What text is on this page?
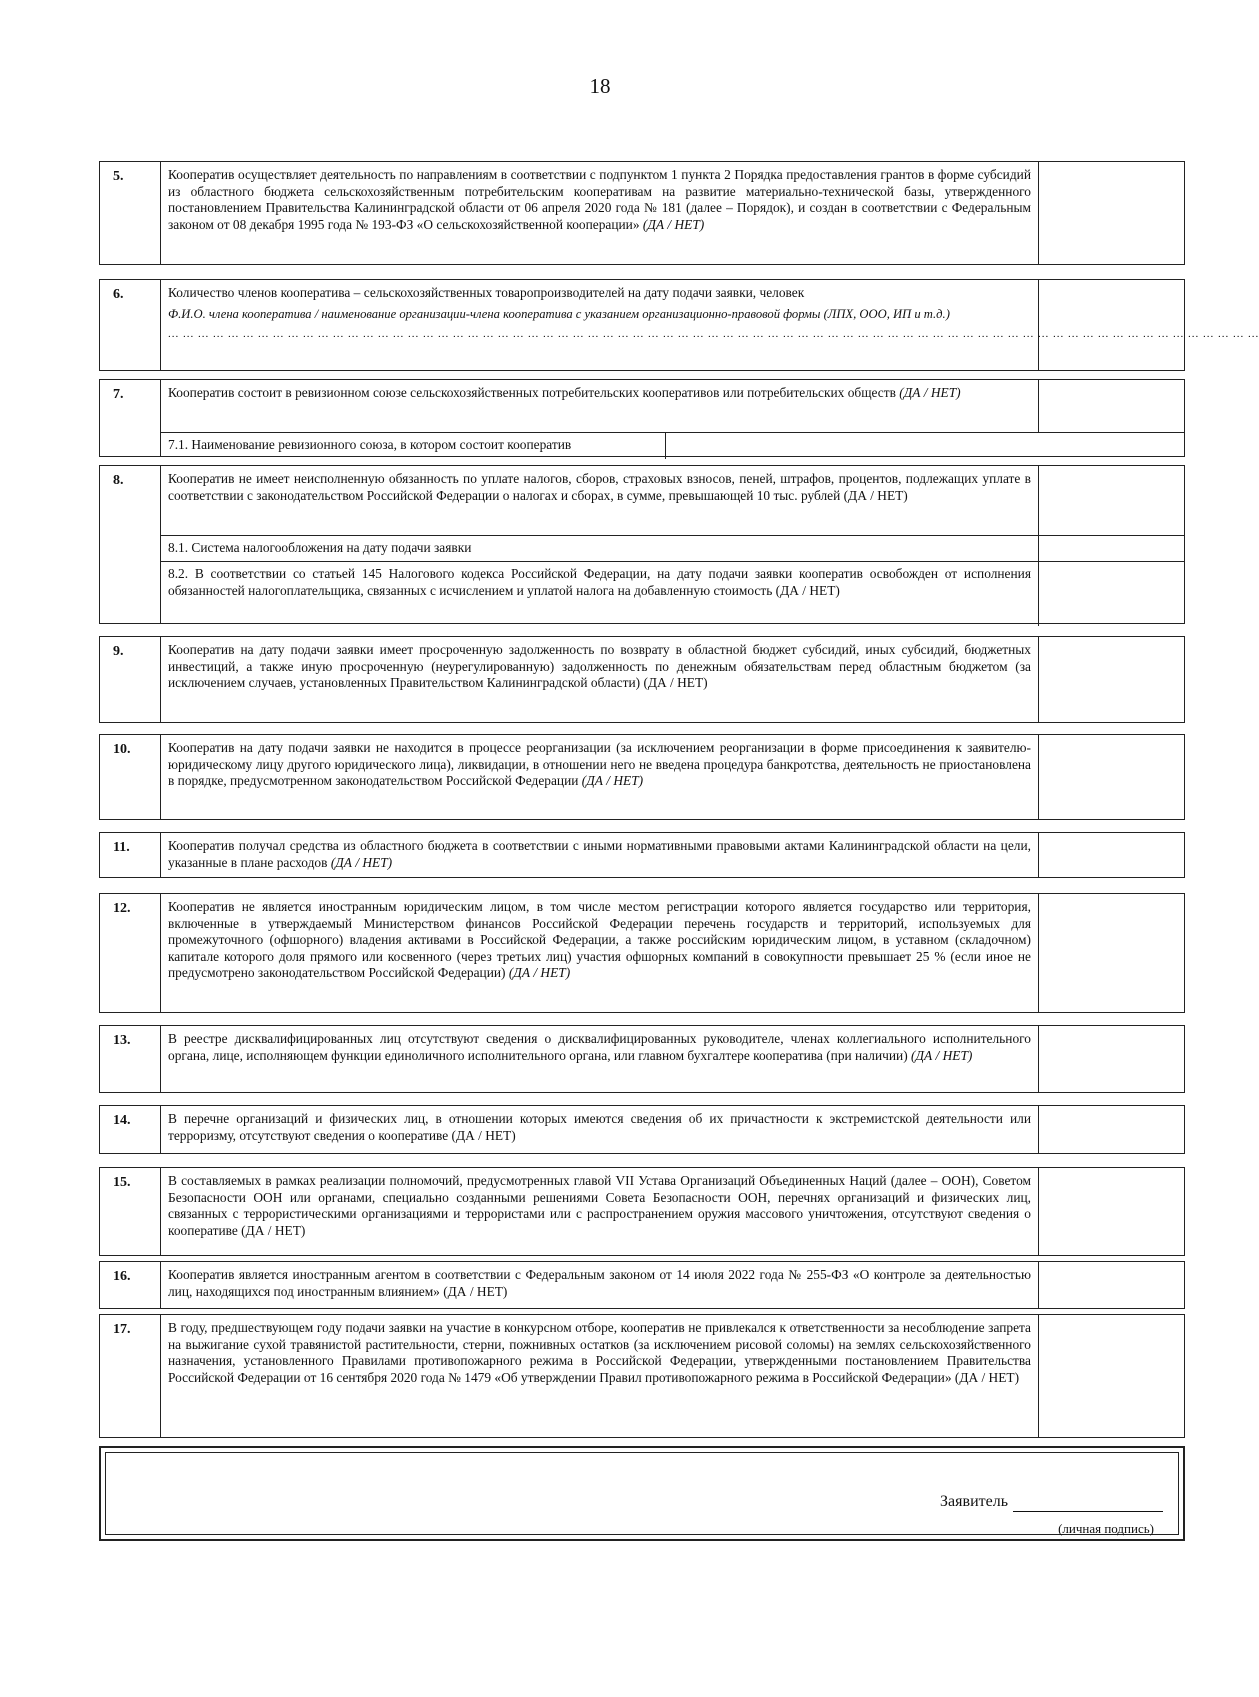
18
5.	Кооператив осуществляет деятельность по направлениям в соответствии с подпунктом 1 пункта 2 Порядка предоставления грантов в форме субсидий из областного бюджета сельскохозяйственным потребительским кооперативам на развитие материально-технической базы, утвержденного постановлением Правительства Калининградской области от 06 апреля 2020 года № 181 (далее – Порядок), и создан в соответствии с Федеральным законом от 08 декабря 1995 года № 193-ФЗ «О сельскохозяйственной кооперации» (ДА / НЕТ)
6.	Количество членов кооператива – сельскохозяйственных товаропроизводителей на дату подачи заявки, человек
Ф.И.О. члена кооператива / наименование организации-члена кооператива с указанием организационно-правовой формы (ЛПХ, ООО, ИП и т.д.)
... ... ... ... ... ... ... ... ... ... ... ... ... ... ... ... ... ... ... ... ... ... ... ... ... ... ... ... ... ... ... ... ... ... ... ... ... ... ... ... ... ... ... ... ... ... ... ... ... ... ... ... ... ... ... ... ... ... ... ... ... ... ... ... ... ... ... ... ... ... ... ... ...
7.	Кооператив состоит в ревизионном союзе сельскохозяйственных потребительских кооперативов или потребительских обществ (ДА / НЕТ)
7.1. Наименование ревизионного союза, в котором состоит кооператив
8.	Кооператив не имеет неисполненную обязанность по уплате налогов, сборов, страховых взносов, пеней, штрафов, процентов, подлежащих уплате в соответствии с законодательством Российской Федерации о налогах и сборах, в сумме, превышающей 10 тыс. рублей (ДА / НЕТ)
8.1. Система налогообложения на дату подачи заявки
8.2. В соответствии со статьей 145 Налогового кодекса Российской Федерации, на дату подачи заявки кооператив освобожден от исполнения обязанностей налогоплательщика, связанных с исчислением и уплатой налога на добавленную стоимость (ДА / НЕТ)
9.	Кооператив на дату подачи заявки имеет просроченную задолженность по возврату в областной бюджет субсидий, иных субсидий, бюджетных инвестиций, а также иную просроченную (неурегулированную) задолженность по денежным обязательствам перед областным бюджетом (за исключением случаев, установленных Правительством Калининградской области) (ДА / НЕТ)
10.	Кооператив на дату подачи заявки не находится в процессе реорганизации (за исключением реорганизации в форме присоединения к заявителю-юридическому лицу другого юридического лица), ликвидации, в отношении него не введена процедура банкротства, деятельность не приостановлена в порядке, предусмотренном законодательством Российской Федерации (ДА / НЕТ)
11.	Кооператив получал средства из областного бюджета в соответствии с иными нормативными правовыми актами Калининградской области на цели, указанные в плане расходов (ДА / НЕТ)
12.	Кооператив не является иностранным юридическим лицом, в том числе местом регистрации которого является государство или территория, включенные в утверждаемый Министерством финансов Российской Федерации перечень государств и территорий, используемых для промежуточного (офшорного) владения активами в Российской Федерации, а также российским юридическим лицом, в уставном (складочном) капитале которого доля прямого или косвенного (через третьих лиц) участия офшорных компаний в совокупности превышает 25 % (если иное не предусмотрено законодательством Российской Федерации) (ДА / НЕТ)
13.	В реестре дисквалифицированных лиц отсутствуют сведения о дисквалифицированных руководителе, членах коллегиального исполнительного органа, лице, исполняющем функции единоличного исполнительного органа, или главном бухгалтере кооператива (при наличии) (ДА / НЕТ)
14.	В перечне организаций и физических лиц, в отношении которых имеются сведения об их причастности к экстремистской деятельности или терроризму, отсутствуют сведения о кооперативе (ДА / НЕТ)
15.	В составляемых в рамках реализации полномочий, предусмотренных главой VII Устава Организаций Объединенных Наций (далее – ООН), Советом Безопасности ООН или органами, специально созданными решениями Совета Безопасности ООН, перечнях организаций и физических лиц, связанных с террористическими организациями и террористами или с распространением оружия массового уничтожения, отсутствуют сведения о кооперативе (ДА / НЕТ)
16.	Кооператив является иностранным агентом в соответствии с Федеральным законом от 14 июля 2022 года № 255-ФЗ «О контроле за деятельностью лиц, находящихся под иностранным влиянием» (ДА / НЕТ)
17.	В году, предшествующем году подачи заявки на участие в конкурсном отборе, кооператив не привлекался к ответственности за несоблюдение запрета на выжигание сухой травянистой растительности, стерни, пожнивных остатков (за исключением рисовой соломы) на землях сельскохозяйственного назначения, установленного Правилами противопожарного режима в Российской Федерации, утвержденными постановлением Правительства Российской Федерации от 16 сентября 2020 года № 1479 «Об утверждении Правил противопожарного режима в Российской Федерации» (ДА / НЕТ)
Заявитель
(личная подпись)
